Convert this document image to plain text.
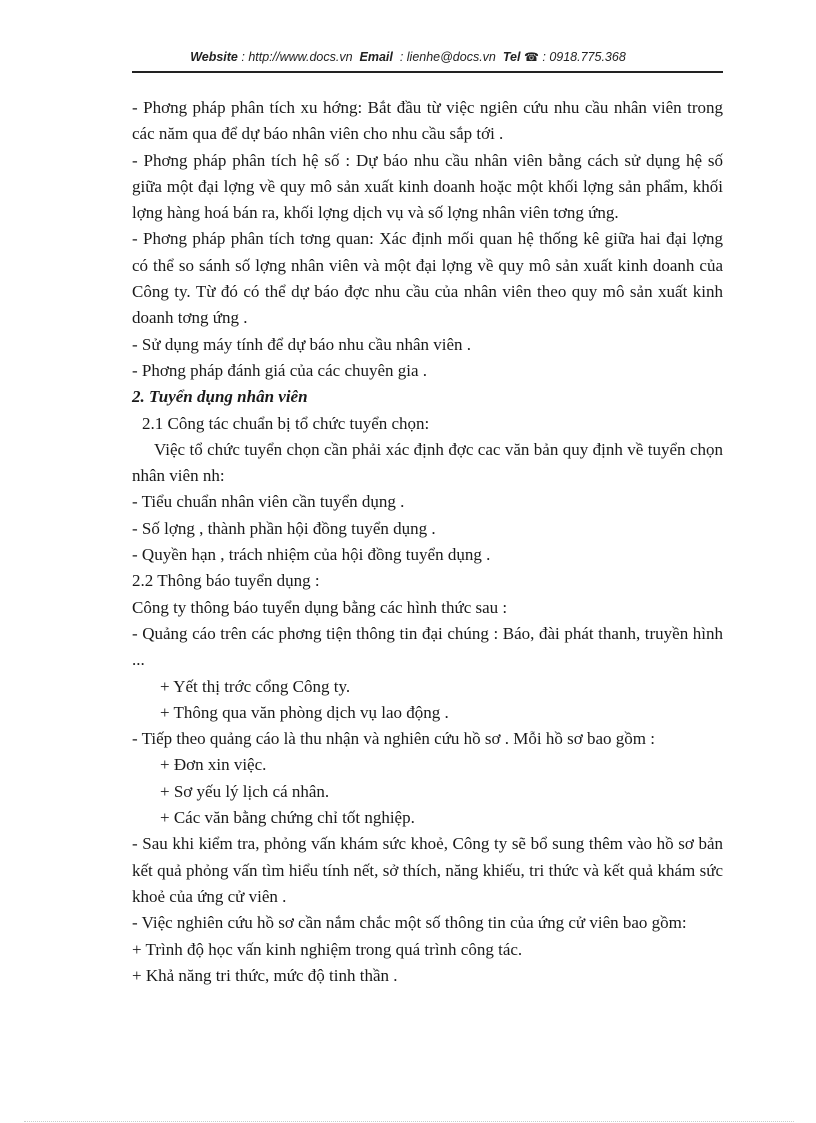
Website : http://www.docs.vn Email : lienhe@docs.vn Tel ☎ : 0918.775.368

- Phơng pháp phân tích xu hớng: Bắt đầu từ việc ngiên cứu nhu cầu nhân viên trong các năm qua để dự báo nhân viên cho nhu cầu sắp tới .

- Phơng pháp phân tích hệ số : Dự báo nhu cầu nhân viên bằng cách sử dụng hệ số giữa một đại lợng về quy mô sản xuất kinh doanh hoặc một khối lợng sản phẩm, khối lợng hàng hoá bán ra, khối lợng dịch vụ và số lợng nhân viên tơng ứng.

- Phơng pháp phân tích tơng quan: Xác định mối quan hệ thống kê giữa hai đại lợng có thể so sánh số lợng nhân viên và một đại lợng về quy mô sản xuất kinh doanh của Công ty. Từ đó có thể dự báo đợc nhu cầu của nhân viên theo quy mô sản xuất kinh doanh tơng ứng .

- Sử dụng máy tính để dự báo nhu cầu nhân viên .

- Phơng pháp đánh giá của các chuyên gia .

2. Tuyển dụng nhân viên

2.1 Công tác chuẩn bị tổ chức tuyển chọn:

Việc tổ chức tuyển chọn cần phải xác định đợc cac văn bản quy định về tuyển chọn nhân viên nh:

- Tiểu chuẩn nhân viên cần tuyển dụng .

- Số lợng , thành phần hội đồng tuyển dụng .

- Quyền hạn , trách nhiệm của hội đồng tuyển dụng .

2.2 Thông báo tuyển dụng :

Công ty thông báo tuyển dụng bằng các hình thức sau :

- Quảng cáo trên các phơng tiện thông tin đại chúng : Báo, đài phát thanh, truyền hình ...

+ Yết thị trớc cổng Công ty.

+ Thông qua văn phòng dịch vụ lao động .

- Tiếp theo quảng cáo là thu nhận và nghiên cứu hồ sơ . Mỗi hồ sơ bao gồm :

+ Đơn xin việc.

+ Sơ yếu lý lịch cá nhân.

+ Các văn bằng chứng chỉ tốt nghiệp.

- Sau khi kiểm tra, phỏng vấn khám sức khoẻ, Công ty sẽ bổ sung thêm vào hồ sơ bản kết quả phỏng vấn tìm hiểu tính nết, sở thích, năng khiếu, tri thức và kết quả khám sức khoẻ của ứng cử viên .

- Việc nghiên cứu hồ sơ cần nắm chắc một số thông tin của ứng cử viên bao gồm:

+ Trình độ học vấn kinh nghiệm trong quá trình công tác.

+ Khả năng tri thức, mức độ tinh thần .
